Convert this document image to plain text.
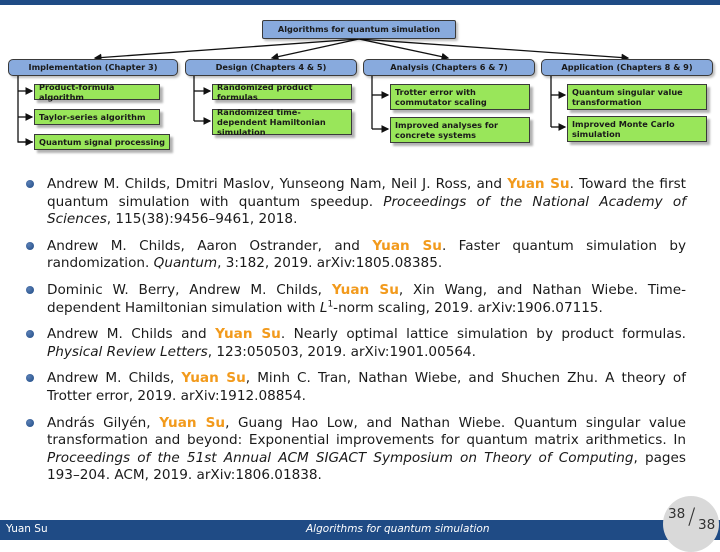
Algorithms for quantum simulation
Implementation (Chapter 3)	Design (Chapters 4 & 5)	Analysis (Chapters 6 & 7)	Application (Chapters 8 & 9)
Product-formula algorithm
Taylor-series algorithm
Quantum signal processing
Randomized product formulas
Randomized time-dependent Hamiltonian simulation
Trotter error with commutator scaling
Improved analyses for concrete systems
Quantum singular value transformation
Improved Monte Carlo simulation
Andrew M. Childs, Dmitri Maslov, Yunseong Nam, Neil J. Ross, and Yuan Su. Toward the first quantum simulation with quantum speedup. Proceedings of the National Academy of Sciences, 115(38):9456–9461, 2018.
Andrew M. Childs, Aaron Ostrander, and Yuan Su. Faster quantum simulation by randomization. Quantum, 3:182, 2019. arXiv:1805.08385.
Dominic W. Berry, Andrew M. Childs, Yuan Su, Xin Wang, and Nathan Wiebe. Time-dependent Hamiltonian simulation with $L^1$-norm scaling, 2019. arXiv:1906.07115.
Andrew M. Childs and Yuan Su. Nearly optimal lattice simulation by product formulas. Physical Review Letters, 123:050503, 2019. arXiv:1901.00564.
Andrew M. Childs, Yuan Su, Minh C. Tran, Nathan Wiebe, and Shuchen Zhu. A theory of Trotter error, 2019. arXiv:1912.08854.
András Gilyén, Yuan Su, Guang Hao Low, and Nathan Wiebe. Quantum singular value transformation and beyond: Exponential improvements for quantum matrix arithmetics. In Proceedings of the 51st Annual ACM SIGACT Symposium on Theory of Computing, pages 193–204. ACM, 2019. arXiv:1806.01838.
Yuan Su	Algorithms for quantum simulation
38 / 38
